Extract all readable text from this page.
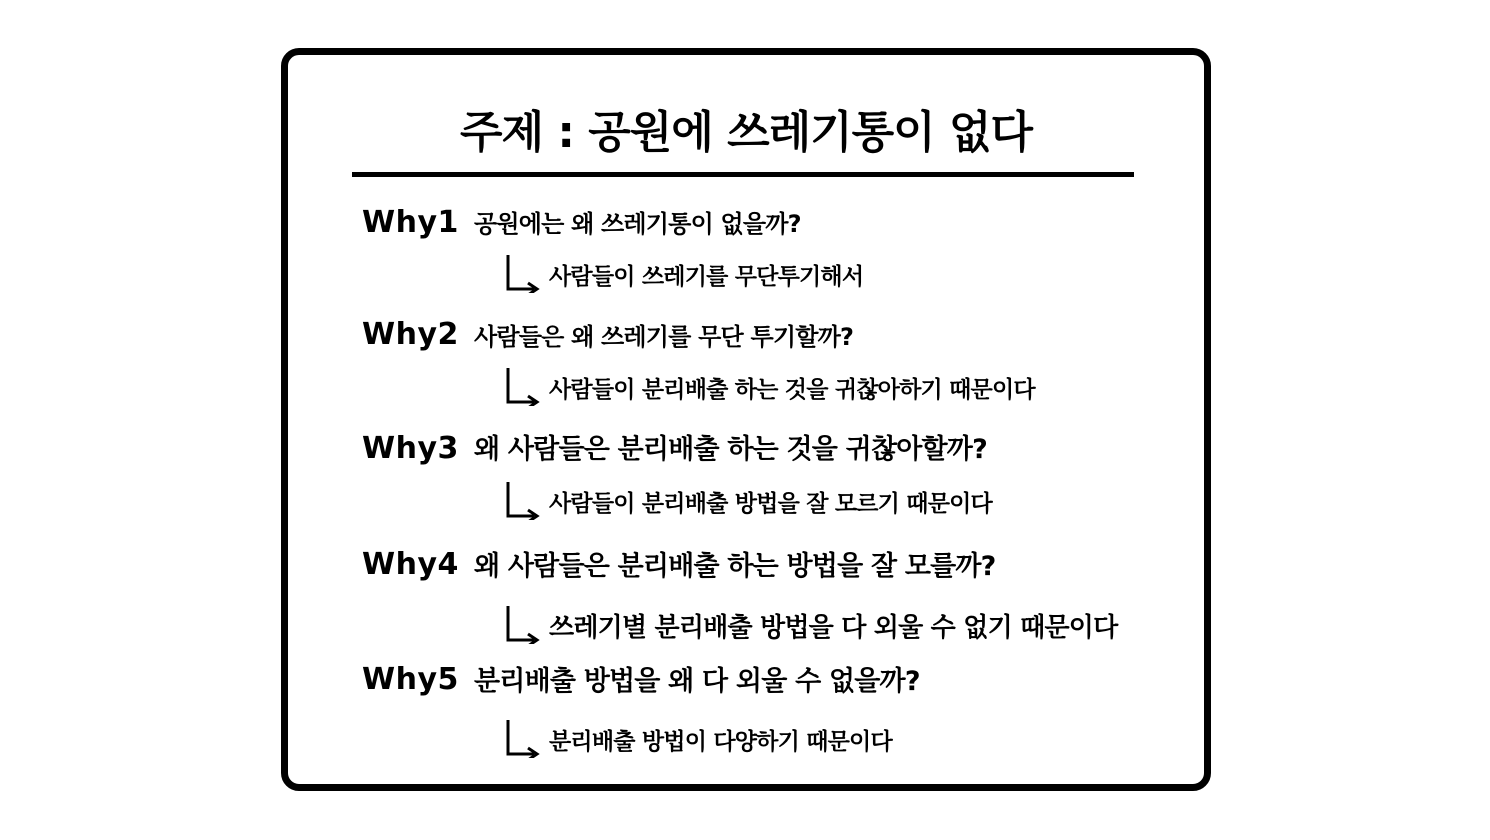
주제 : 공원에 쓰레기통이 없다
Why1 공원에는 왜 쓰레기통이 없을까?
사람들이 쓰레기를 무단투기해서
Why2 사람들은 왜 쓰레기를 무단 투기할까?
사람들이 분리배출 하는 것을 귀찮아하기 때문이다
Why3 왜 사람들은 분리배출 하는 것을 귀찮아할까?
사람들이 분리배출 방법을 잘 모르기 때문이다
Why4 왜 사람들은 분리배출 하는 방법을 잘 모를까?
쓰레기별 분리배출 방법을 다 외울 수 없기 때문이다
Why5 분리배출 방법을 왜 다 외울 수 없을까?
분리배출 방법이 다양하기 때문이다
